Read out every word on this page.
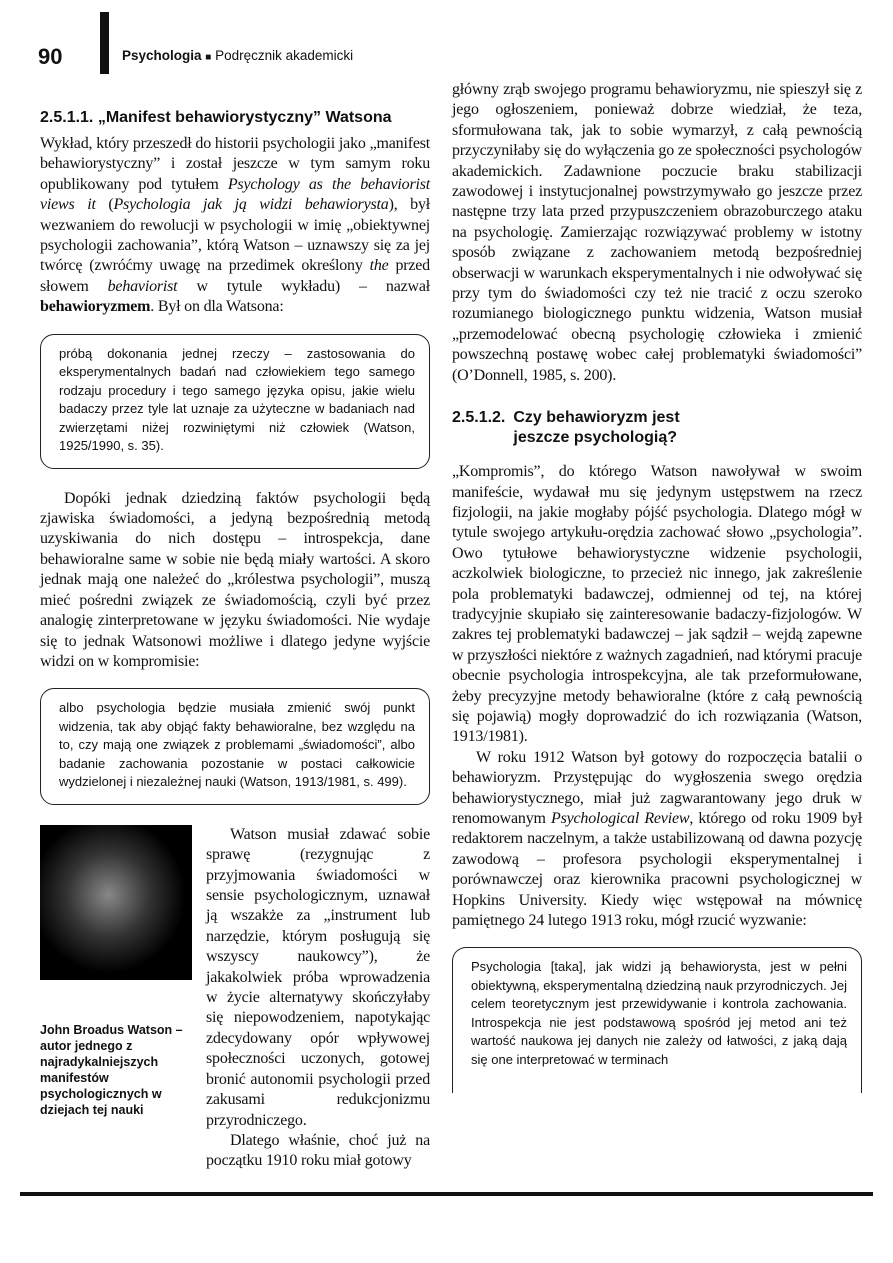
90	Psychologia ■ Podręcznik akademicki
2.5.1.1. „Manifest behawiorystyczny” Watsona

Wykład, który przeszedł do historii psychologii jako „manifest behawiorystyczny” i został jeszcze w tym samym roku opublikowany pod tytułem Psychology as the behaviorist views it (Psychologia jak ją widzi behawiorysta), był wezwaniem do rewolucji w psychologii w imię „obiektywnej psychologii zachowania”, którą Watson – uznawszy się za jej twórcę (zwróćmy uwagę na przedimek określony the przed słowem behaviorist w tytule wykładu) – nazwał behawioryzmem. Był on dla Watsona:

próbą dokonania jednej rzeczy – zastosowania do eksperymentalnych badań nad człowiekiem tego samego rodzaju procedury i tego samego języka opisu, jakie wielu badaczy przez tyle lat uznaje za użyteczne w badaniach nad zwierzętami niżej rozwiniętymi niż człowiek (Watson, 1925/1990, s. 35).

Dopóki jednak dziedziną faktów psychologii będą zjawiska świadomości, a jedyną bezpośrednią metodą uzyskiwania do nich dostępu – introspekcja, dane behawioralne same w sobie nie będą miały wartości. A skoro jednak mają one należeć do „królestwa psychologii”, muszą mieć pośredni związek ze świadomością, czyli być przez analogię zinterpretowane w języku świadomości. Nie wydaje się to jednak Watsonowi możliwe i dlatego jedyne wyjście widzi on w kompromisie:

albo psychologia będzie musiała zmienić swój punkt widzenia, tak aby objąć fakty behawioralne, bez względu na to, czy mają one związek z problemami „świadomości”, albo badanie zachowania pozostanie w postaci całkowicie wydzielonej i niezależnej nauki (Watson, 1913/1981, s. 499).
John Broadus Watson – autor jednego z najradykalniejszych manifestów psychologicznych w dziejach tej nauki

Watson musiał zdawać sobie sprawę (rezygnując z przyjmowania świadomości w sensie psychologicznym, uznawał ją wszakże za „instrument lub narzędzie, którym posługują się wszyscy naukowcy”), że jakakolwiek próba wprowadzenia w życie alternatywy skończyłaby się niepowodzeniem, napotykając zdecydowany opór wpływowej społeczności uczonych, gotowej bronić autonomii psychologii przed zakusami redukcjonizmu przyrodniczego.

Dlatego właśnie, choć już na początku 1910 roku miał gotowy

główny zrąb swojego programu behawioryzmu, nie spieszył się z jego ogłoszeniem, ponieważ dobrze wiedział, że teza, sformułowana tak, jak to sobie wymarzył, z całą pewnością przyczyniłaby się do wyłączenia go ze społeczności psychologów akademickich. Zadawnione poczucie braku stabilizacji zawodowej i instytucjonalnej powstrzymywało go jeszcze przez następne trzy lata przed przypuszczeniem obrazoburczego ataku na psychologię. Zamierzając rozwiązywać problemy w istotny sposób związane z zachowaniem metodą bezpośredniej obserwacji w warunkach eksperymentalnych i nie odwoływać się przy tym do świadomości czy też nie tracić z oczu szeroko rozumianego biologicznego punktu widzenia, Watson musiał „przemodelować obecną psychologię człowieka i zmienić powszechną postawę wobec całej problematyki świadomości” (O’Donnell, 1985, s. 200).

2.5.1.2. Czy behawioryzm jest jeszcze psychologią?

„Kompromis”, do którego Watson nawoływał w swoim manifeście, wydawał mu się jedynym ustępstwem na rzecz fizjologii, na jakie mogłaby pójść psychologia. Dlatego mógł w tytule swojego artykułu-orędzia zachować słowo „psychologia”. Owo tytułowe behawiorystyczne widzenie psychologii, aczkolwiek biologiczne, to przecież nic innego, jak zakreślenie pola problematyki badawczej, odmiennej od tej, na której tradycyjnie skupiało się zainteresowanie badaczy-fizjologów. W zakres tej problematyki badawczej – jak sądził – wejdą zapewne w przyszłości niektóre z ważnych zagadnień, nad którymi pracuje obecnie psychologia introspekcyjna, ale tak przeformułowane, żeby precyzyjne metody behawioralne (które z całą pewnością się pojawią) mogły doprowadzić do ich rozwiązania (Watson, 1913/1981).

W roku 1912 Watson był gotowy do rozpoczęcia batalii o behawioryzm. Przystępując do wygłoszenia swego orędzia behawiorystycznego, miał już zagwarantowany jego druk w renomowanym Psychological Review, którego od roku 1909 był redaktorem naczelnym, a także ustabilizowaną od dawna pozycję zawodową – profesora psychologii eksperymentalnej i porównawczej oraz kierownika pracowni psychologicznej w Hopkins University. Kiedy więc wstępował na mównicę pamiętnego 24 lutego 1913 roku, mógł rzucić wyzwanie:

Psychologia [taka], jak widzi ją behawiorysta, jest w pełni obiektywną, eksperymentalną dziedziną nauk przyrodniczych. Jej celem teoretycznym jest przewidywanie i kontrola zachowania. Introspekcja nie jest podstawową spośród jej metod ani też wartość naukowa jej danych nie zależy od łatwości, z jaką dają się one interpretować w terminach
